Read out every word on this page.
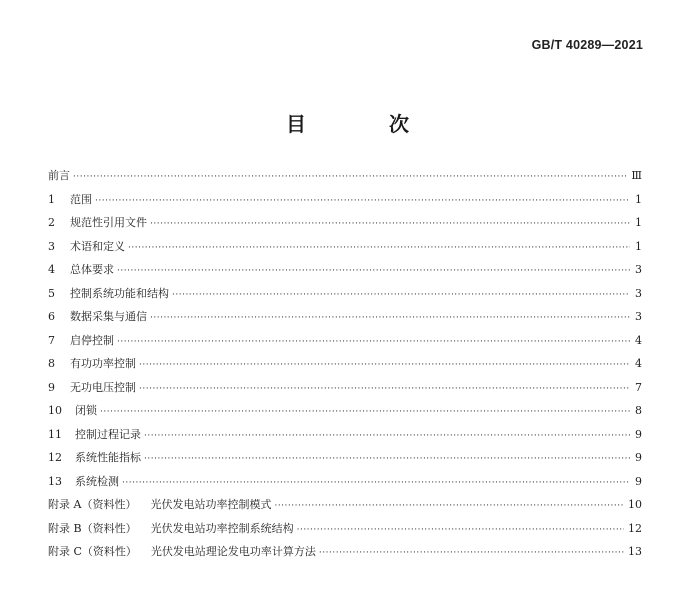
GB/T 40289—2021
目 次
前言 ·····	Ⅲ
1	范围 ·····	1
2	规范性引用文件 ·····	1
3	术语和定义 ·····	1
4	总体要求 ·····	3
5	控制系统功能和结构 ·····	3
6	数据采集与通信 ·····	3
7	启停控制 ·····	4
8	有功功率控制 ·····	4
9	无功电压控制 ·····	7
10	闭锁 ·····	8
11	控制过程记录 ·····	9
12	系统性能指标 ·····	9
13	系统检测 ·····	9
附录 A（资料性）	光伏发电站功率控制模式 ·····	10
附录 B（资料性）	光伏发电站功率控制系统结构 ·····	12
附录 C（资料性）	光伏发电站理论发电功率计算方法 ·····	13
